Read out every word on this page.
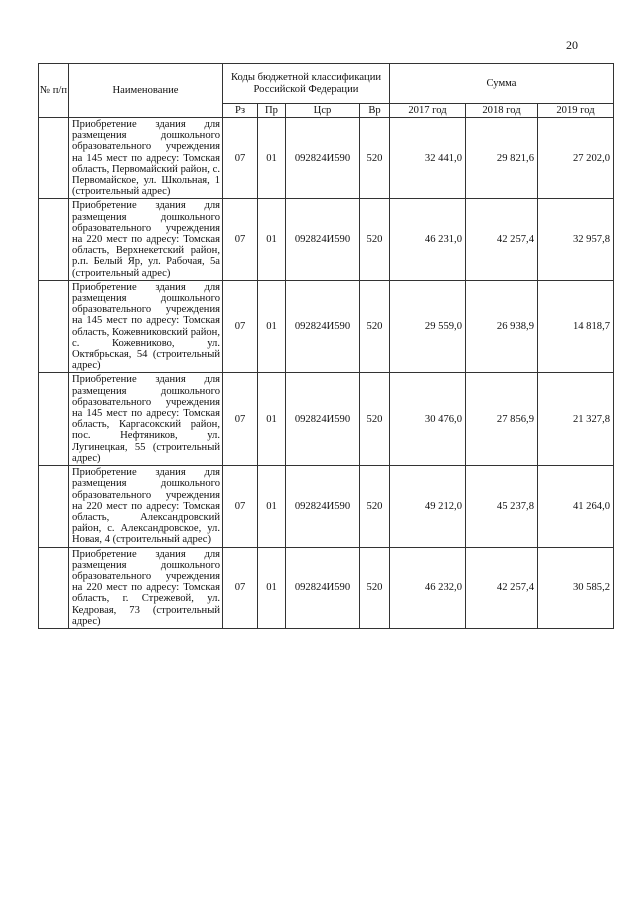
20
№ п/п	Наименование	Коды бюджетной классификации Российской Федерации				Сумма		
		Рз	Пр	Цср	Вр	2017 год	2018 год	2019 год
	Приобретение здания для размещения дошкольного образовательного учреждения на 145 мест по адресу: Томская область, Первомайский район, с. Первомайское, ул. Школьная, 1 (строительный адрес)	07	01	092824И590	520	32 441,0	29 821,6	27 202,0
	Приобретение здания для размещения дошкольного образовательного учреждения на 220 мест по адресу: Томская область, Верхнекетский район, р.п. Белый Яр, ул. Рабочая, 5а (строительный адрес)	07	01	092824И590	520	46 231,0	42 257,4	32 957,8
	Приобретение здания для размещения дошкольного образовательного учреждения на 145 мест по адресу: Томская область, Кожевниковский район, с. Кожевниково, ул. Октябрьская, 54 (строительный адрес)	07	01	092824И590	520	29 559,0	26 938,9	14 818,7
	Приобретение здания для размещения дошкольного образовательного учреждения на 145 мест по адресу: Томская область, Каргасокский район, пос. Нефтяников, ул. Лугинецкая, 55 (строительный адрес)	07	01	092824И590	520	30 476,0	27 856,9	21 327,8
	Приобретение здания для размещения дошкольного образовательного учреждения на 220 мест по адресу: Томская область, Александровский район, с. Александровское, ул. Новая, 4 (строительный адрес)	07	01	092824И590	520	49 212,0	45 237,8	41 264,0
	Приобретение здания для размещения дошкольного образовательного учреждения на 220 мест по адресу: Томская область, г. Стрежевой, ул. Кедровая, 73 (строительный адрес)	07	01	092824И590	520	46 232,0	42 257,4	30 585,2
